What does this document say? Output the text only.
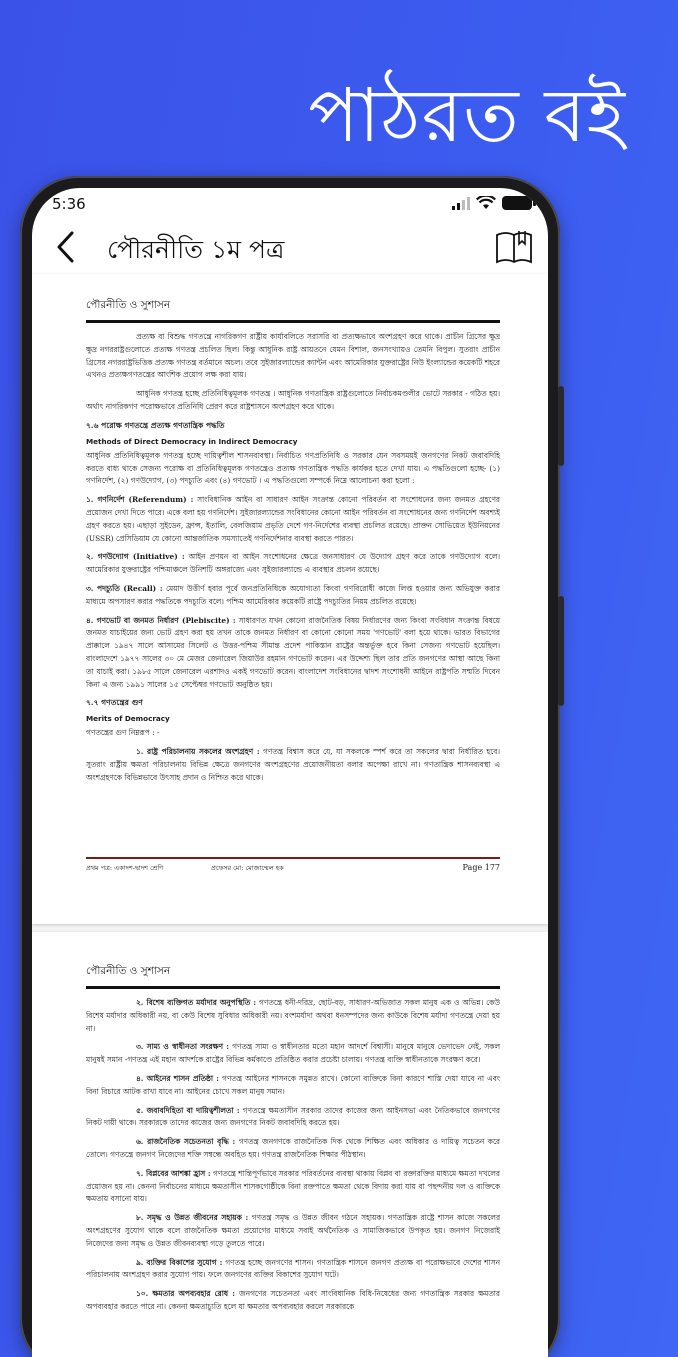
পাঠরত বই
5:36
পৌরনীতি ১ম পত্র
পৌরনীতি ও সুশাসন

প্রত্যক্ষ বা বিশুদ্ধ গণতন্ত্রে নাগরিকগণ রাষ্ট্রীয় কার্যাবলিতে সরাসরি বা প্রত্যক্ষভাবে অংশগ্রহণ করে থাকে। প্রাচীন গ্রিসের ক্ষুদ্র ক্ষুদ্র নগররাষ্ট্রগুলোতে প্রত্যক্ষ গণতন্ত্র প্রচলিত ছিল। কিন্তু আধুনিক রাষ্ট্র আয়তনে যেমন বিশাল, জনসংখ্যায়ও তেমনি বিপুল। সুতরাং প্রাচীন গ্রিসের নগররাষ্ট্রভিত্তিক প্রত্যক্ষ গণতন্ত্র বর্তমানে অচল। তবে সুইজারল্যান্ডের ক্যান্টন এবং আমেরিকার যুক্তরাষ্ট্রের নিউ ইংল্যান্ডের কয়েকটি শহরে এখনও প্রত্যক্ষগণতন্ত্রের আংশিক প্রয়োগ লক্ষ করা যায়।

আধুনিক গণতন্ত্র হচ্ছে প্রতিনিধিত্বমূলক গণতন্ত্র । আধুনিক গণতান্ত্রিক রাষ্ট্রগুলোতে নির্বাচকমণ্ডলীর ভোটে সরকার - গঠিত হয়। অর্থাৎ নাগরিকগণ পরোক্ষভাবে প্রতিনিধি প্রেরণ করে রাষ্ট্রশাসনে অংশগ্রহণ করে থাকে।

৭.৬ পরোক্ষ গণতন্ত্রে প্রত্যক্ষ গণতান্ত্রিক পদ্ধতি
Methods of Direct Democracy in Indirect Democracy

আধুনিক প্রতিনিধিত্বমূলক গণতন্ত্র হচ্ছে দায়িত্বশীল শাসনব্যবস্থা। নির্বাচিত গণপ্রতিনিধি ও সরকার যেন সবসময়ই জনগণের নিকট জবাবদিহি করতে বাধ্য থাকে সেজন্য পরোক্ষ বা প্রতিনিধিত্বমূলক গণতন্ত্রেও প্রত্যক্ষ গণতান্ত্রিক পদ্ধতি কার্যকর হতে দেখা যায়। এ পদ্ধতিগুলো হচ্ছে- (১) গণনির্দেশ, (২) গণউদ্যোগ, (৩) পদচ্যুতি এবং (৪) গণভোট । এ পদ্ধতিগুলো সম্পর্কে নিম্নে আলোচনা করা হলো :

১. গণনির্দেশ (Referendum) : সাংবিধানিক আইন বা সাধারণ আইন সংক্রান্ত কোনো পরিবর্তন বা সংশোধনের জন্য জনমত গ্রহণের প্রয়োজন দেখা দিতে পারে। একে বলা হয় গণনির্দেশ। সুইজারল্যান্ডের সংবিধানের কোনো আইন পরিবর্তন বা সংশোধনের জন্য গণনির্দেশ অবশ্যই গ্রহণ করতে হয়। এছাড়া সুইডেন, ফ্রান্স, ইতালি, বেলজিয়াম প্রভৃতি দেশে গণ-নির্দেশের ব্যবস্থা প্রচলিত রয়েছে। প্রাক্তন সোভিয়েত ইউনিয়নের (USSR) প্রেসিডিয়াম যে কোনো আন্তর্জাতিক সমস্যাতেই গণনির্দেশনার ব্যবস্থা করতে পারত।

২. গণউদ্যোগ (Initiative) : আইন প্রণয়ন বা আইন সংশোধনের ক্ষেত্রে জনসাধারণ যে উদ্যোগ গ্রহণ করে তাকে গণউদ্যোগ বলে। আমেরিকার যুক্তরাষ্ট্রের পশ্চিমাঞ্চলে উনিশটি অঙ্গরাজ্যে এবং সুইজারল্যান্ডে এ ব্যবস্থার প্রচলন রয়েছে।

৩. পদচ্যুতি (Recall) : মেয়াদ উত্তীর্ণ হবার পূর্বে জনপ্রতিনিধিকে অযোগ্যতা কিংবা গণবিরোধী কাজে লিপ্ত হওয়ার জন্য অভিযুক্ত করার মাধ্যমে অপসারণ করার পদ্ধতিকে পদচ্যুতি বলে। পশ্চিম আমেরিকার কয়েকটি রাষ্ট্রে পদচ্যুতির নিয়ম প্রচলিত রয়েছে।

৪. গণভোট বা জনমত নির্ধারণ (Plebiscite) : সাধারণত যখন কোনো রাজনৈতিক বিষয় নির্ধারণের জন্য কিংবা সংবিধান সংক্রান্ত বিষয়ে জনমত যাচাইয়ের জন্য ভোট গ্রহণ করা হয় তখন তাকে জনমত নির্ধারণ বা কোনো কোনো সময় 'গণভোট' বলা হয়ে থাকে। ভারত বিভাগের প্রাক্কালে ১৯৪৭ সালে আসামের সিলেট ও উত্তর-পশ্চিম সীমান্ত প্রদেশ পাকিস্তান রাষ্ট্রের অন্তর্ভুক্ত হবে কিনা সেজন্য গণভোট হয়েছিল। বাংলাদেশে ১৯৭৭ সালের ৩০ মে মেজর জেনারেল জিয়াউর রহমান গণভোট করেন। এর উদ্দেশ্য ছিল তার প্রতি জনগণের আস্থা আছে কিনা তা যাচাই করা। ১৯৮৫ সালে জেনারেল এরশাদও একই গণভোট করেন। বাংলাদেশ সংবিধানের দ্বাদশ সংশোধনী আইনে রাষ্ট্রপতি সম্মতি দিবেন কিনা এ জন্য ১৯৯১ সালের ১৫ সেপ্টেম্বর গণভোট অনুষ্ঠিত হয়।

৭.৭ গণতন্ত্রের গুণ
Merits of Democracy

গণতন্ত্রের গুণ নিম্নরূপ : -

১. রাষ্ট্র পরিচালনায় সকলের অংশগ্রহণ : গণতন্ত্র বিশ্বাস করে যে, যা সকলকে স্পর্শ করে তা সকলের দ্বারা নির্ধারিত হবে। সুতরাং রাষ্ট্রীয় ক্ষমতা পরিচালনায় বিভিন্ন ক্ষেত্রে জনগণের অংশগ্রহণের প্রয়োজনীয়তা বলার অপেক্ষা রাখে না। গণতান্ত্রিক শাসনব্যবস্থা এ অংশগ্রহণকে বিভিন্নভাবে উৎসাহ প্রদান ও নিশ্চিত করে থাকে।

প্রথম পত্র: একাদশ-দ্বাদশ শ্রেণি	প্রফেসর মো: মোজাম্মেল হক	Page 177
পৌরনীতি ও সুশাসন

২. বিশেষ ব্যক্তিগত মর্যাদার অনুপস্থিতি : গণতন্ত্রে ধনী-দরিদ্র, ছোট-বড়, সাধারণ-অভিজাত সকল মানুষ এক ও অভিন্ন। কেউ বিশেষ মর্যাদার অধিকারী নয়, বা কেউ বিশেষ সুবিধার অধিকারী নয়। বংশমর্যাদা অথবা ধনসম্পদের জন্য কাউকে বিশেষ মর্যাদা গণতন্ত্রে দেয়া হয় না।

৩. সাম্য ও স্বাধীনতা সংরক্ষণ : গণতন্ত্র সাম্য ও স্বাধীনতার মতো মহান আদর্শে বিশ্বাসী। মানুষে মানুষে ভেদাভেদ নেই, সকল মানুষই সমান -গণতন্ত্র এই মহান আদর্শকে রাষ্ট্রের বিভিন্ন কর্মকাণ্ডে প্রতিষ্ঠিত করার প্রচেষ্টা চালায়। গণতন্ত্র ব্যক্তি স্বাধীনতাকে সংরক্ষণ করে।

৪. আইনের শাসন প্রতিষ্ঠা : গণতন্ত্র আইনের শাসনকে সমুন্নত রাখে। কোনো ব্যক্তিকে বিনা কারণে শাস্তি দেয়া যাবে না এবং বিনা বিচারে আটক রাখা যাবে না। আইনের চোখে সকল মানুষ সমান।

৫. জবাবদিহিতা বা দায়িত্বশীলতা : গণতন্ত্রে ক্ষমতাসীন সরকার তাদের কাজের জন্য আইনসভা এবং নৈতিকভাবে জনগণের নিকট দায়ী থাকে। সরকারকে তাদের কাজের জন্য জনগণের নিকট জবাবদিহি করতে হয়।

৬. রাজনৈতিক সচেতনতা বৃদ্ধি : গণতন্ত্র জনগণকে রাজনৈতিক দিক থেকে শিক্ষিত এবং অধিকার ও দায়িত্ব সচেতন করে তোলে। গণতন্ত্রে জনগণ নিজেদের শক্তি সম্বন্ধে অবহিত হয়। গণতন্ত্র রাজনৈতিক শিক্ষার পীঠস্থান।

৭. বিপ্লবের আশঙ্কা হ্রাস : গণতন্ত্রে শান্তিপূর্ণভাবে সরকার পরিবর্তনের ব্যবস্থা থাকায় বিপ্লব বা রক্তারক্তির মাধ্যমে ক্ষমতা দখলের প্রয়োজন হয় না। কেননা নির্বাচনের মাধ্যমে ক্ষমতাসীন শাসকগোষ্ঠীকে বিনা রক্তপাতে ক্ষমতা থেকে বিদায় করা যায় বা পছন্দনীয় দল ও ব্যক্তিকে ক্ষমতায় বসানো যায়।

৮. সমৃদ্ধ ও উন্নত জীবনের সহায়ক : গণতন্ত্র সমৃদ্ধ ও উন্নত জীবন গঠনে সহায়ক। গণতান্ত্রিক রাষ্ট্রে শাসন কাজে সকলের অংশগ্রহণের সুযোগ থাকে বলে রাজনৈতিক ক্ষমতা প্রয়োগের মাধ্যমে সবাই অর্থনৈতিক ও সামাজিকভাবে উপকৃত হয়। জনগণ নিজেরাই নিজেদের জন্য সমৃদ্ধ ও উন্নত জীবনব্যবস্থা গড়ে তুলতে পারে।

৯. ব্যক্তির বিকাশের সুযোগ : গণতন্ত্র হচ্ছে জনগণের শাসন। গণতান্ত্রিক শাসনে জনগণ প্রত্যক্ষ বা পরোক্ষভাবে দেশের শাসন পরিচালনায় অংশগ্রহণ করার সুযোগ পায়। ফলে জনগণের ব্যক্তির বিকাশের সুযোগ ঘটে।

১০. ক্ষমতার অপব্যবহার রোধ : জনগণের সচেতনতা এবং সাংবিধানিক বিধি-নিষেধের জন্য গণতান্ত্রিক সরকার ক্ষমতার অপব্যবহার করতে পারে না। কেননা ক্ষমতাচ্যুতি হলে যা ক্ষমতার অপব্যবহার করলে সরকারকে
